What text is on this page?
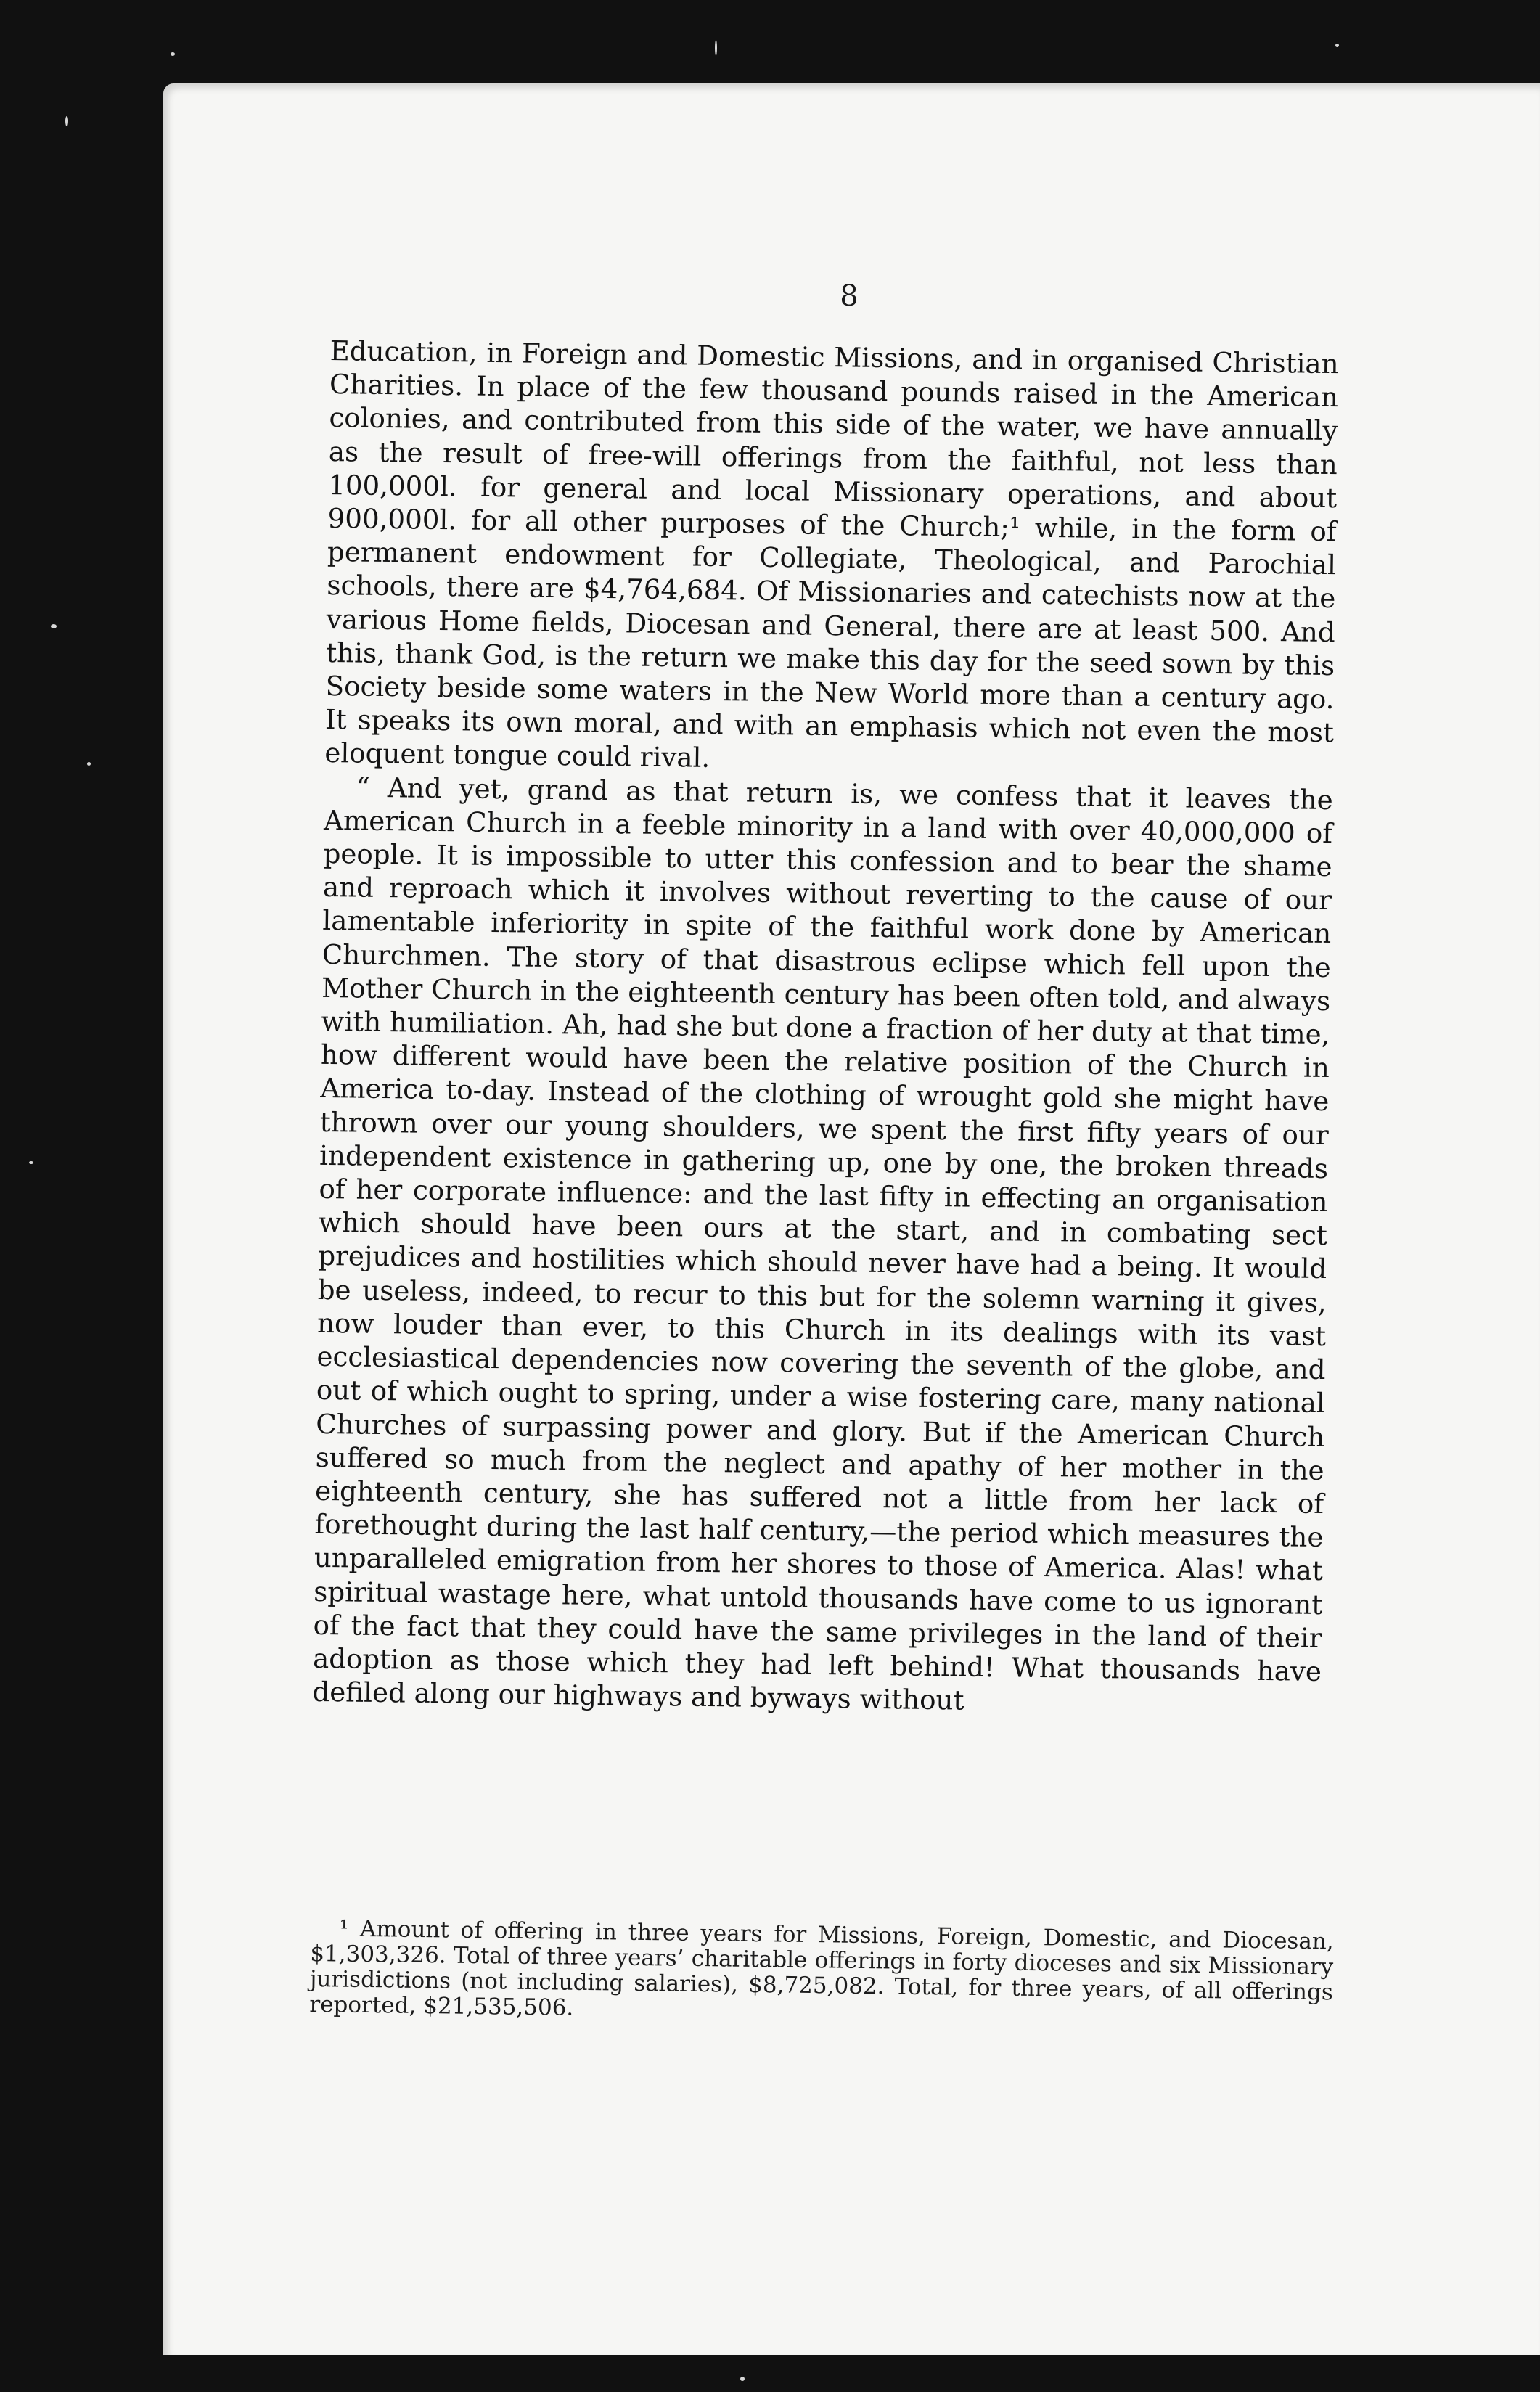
8

Education, in Foreign and Domestic Missions, and in organised Christian Charities. In place of the few thousand pounds raised in the American colonies, and contributed from this side of the water, we have annually as the result of free-will offerings from the faithful, not less than 100,000l. for general and local Missionary operations, and about 900,000l. for all other purposes of the Church;¹ while, in the form of permanent endowment for Collegiate, Theological, and Parochial schools, there are $4,764,684. Of Missionaries and catechists now at the various Home fields, Diocesan and General, there are at least 500. And this, thank God, is the return we make this day for the seed sown by this Society beside some waters in the New World more than a century ago. It speaks its own moral, and with an emphasis which not even the most eloquent tongue could rival.

“ And yet, grand as that return is, we confess that it leaves the American Church in a feeble minority in a land with over 40,000,000 of people. It is impossible to utter this confession and to bear the shame and reproach which it involves without reverting to the cause of our lamentable inferiority in spite of the faithful work done by American Churchmen. The story of that disastrous eclipse which fell upon the Mother Church in the eighteenth century has been often told, and always with humiliation. Ah, had she but done a fraction of her duty at that time, how different would have been the relative position of the Church in America to-day. Instead of the clothing of wrought gold she might have thrown over our young shoulders, we spent the first fifty years of our independent existence in gathering up, one by one, the broken threads of her corporate influence: and the last fifty in effecting an organisation which should have been ours at the start, and in combating sect prejudices and hostilities which should never have had a being. It would be useless, indeed, to recur to this but for the solemn warning it gives, now louder than ever, to this Church in its dealings with its vast ecclesiastical dependencies now covering the seventh of the globe, and out of which ought to spring, under a wise fostering care, many national Churches of surpassing power and glory. But if the American Church suffered so much from the neglect and apathy of her mother in the eighteenth century, she has suffered not a little from her lack of forethought during the last half century,—the period which measures the unparalleled emigration from her shores to those of America. Alas! what spiritual wastage here, what untold thousands have come to us ignorant of the fact that they could have the same privileges in the land of their adoption as those which they had left behind! What thousands have defiled along our highways and byways without

¹ Amount of offering in three years for Missions, Foreign, Domestic, and Diocesan, $1,303,326. Total of three years’ charitable offerings in forty dioceses and six Missionary jurisdictions (not including salaries), $8,725,082. Total, for three years, of all offerings reported, $21,535,506.
